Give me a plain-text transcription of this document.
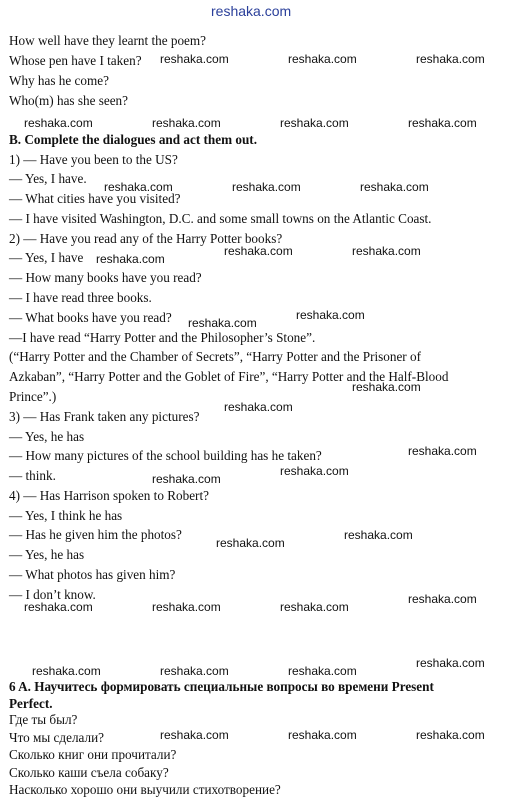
reshaka.com
How well have they learnt the poem?
Whose pen have I taken?
Why has he come?
Who(m) has she seen?
B. Complete the dialogues and act them out.
1) — Have you been to the US?
— Yes, I have.
— What cities have you visited?
— I have visited Washington, D.C. and some small towns on the Atlantic Coast.
2) — Have you read any of the Harry Potter books?
— Yes, I have
— How many books have you read?
— I have read three books.
— What books have you read?
—I have read “Harry Potter and the Philosopher’s Stone”.
(“Harry Potter and the Chamber of Secrets”, “Harry Potter and the Prisoner of
Azkaban”, “Harry Potter and the Goblet of Fire”, “Harry Potter and the Half-Blood
Prince”.)
3) — Has Frank taken any pictures?
— Yes, he has
— How many pictures of the school building has he taken?
— think.
4) — Has Harrison spoken to Robert?
— Yes, I think he has
— Has he given him the photos?
— Yes, he has
— What photos has given him?
— I don’t know.
6 A. Научитесь формировать специальные вопросы во времени Present
Perfect.
Где ты был?
Что мы сделали?
Сколько книг они прочитали?
Сколько каши съела собаку?
Насколько хорошо они выучили стихотворение?
reshaka.com	reshaka.com	reshaka.com
reshaka.com	reshaka.com	reshaka.com	reshaka.com
reshaka.com	reshaka.com	reshaka.com
reshaka.com	reshaka.com
reshaka.com
reshaka.com
reshaka.com
reshaka.com
reshaka.com
reshaka.com
reshaka.com
reshaka.com
reshaka.com
reshaka.com
reshaka.com
reshaka.com	reshaka.com	reshaka.com
reshaka.com
reshaka.com	reshaka.com	reshaka.com
reshaka.com	reshaka.com	reshaka.com
